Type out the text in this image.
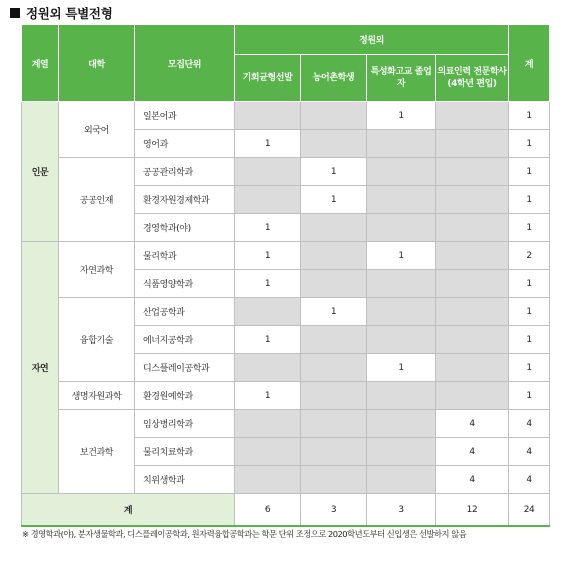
정원외 특별전형
계열	대학	모집단위	정원외				계
			기회균형선발	농어촌학생	특성화고교 졸업자	의료인력 전문학사 (4학년 편입)	
인문	외국어	일본어과			1		1
		영어과	1				1
	공공인재	공공관리학과		1			1
		환경자원경제학과		1			1
		경영학과(야)	1				1
자연	자연과학	물리학과	1		1		2
		식품영양학과	1				1
	융합기술	산업공학과		1			1
		에너지공학과	1				1
		디스플레이공학과			1		1
	생명자원과학	환경원예학과	1				1
	보건과학	임상병리학과				4	4
		물리치료학과				4	4
		치위생학과				4	4
계			6	3	3	12	24
※ 경영학과(야), 분자생물학과, 디스플레이공학과, 원자력융합공학과는 학문 단위 조정으로 2020학년도부터 신입생은 선발하지 않음
